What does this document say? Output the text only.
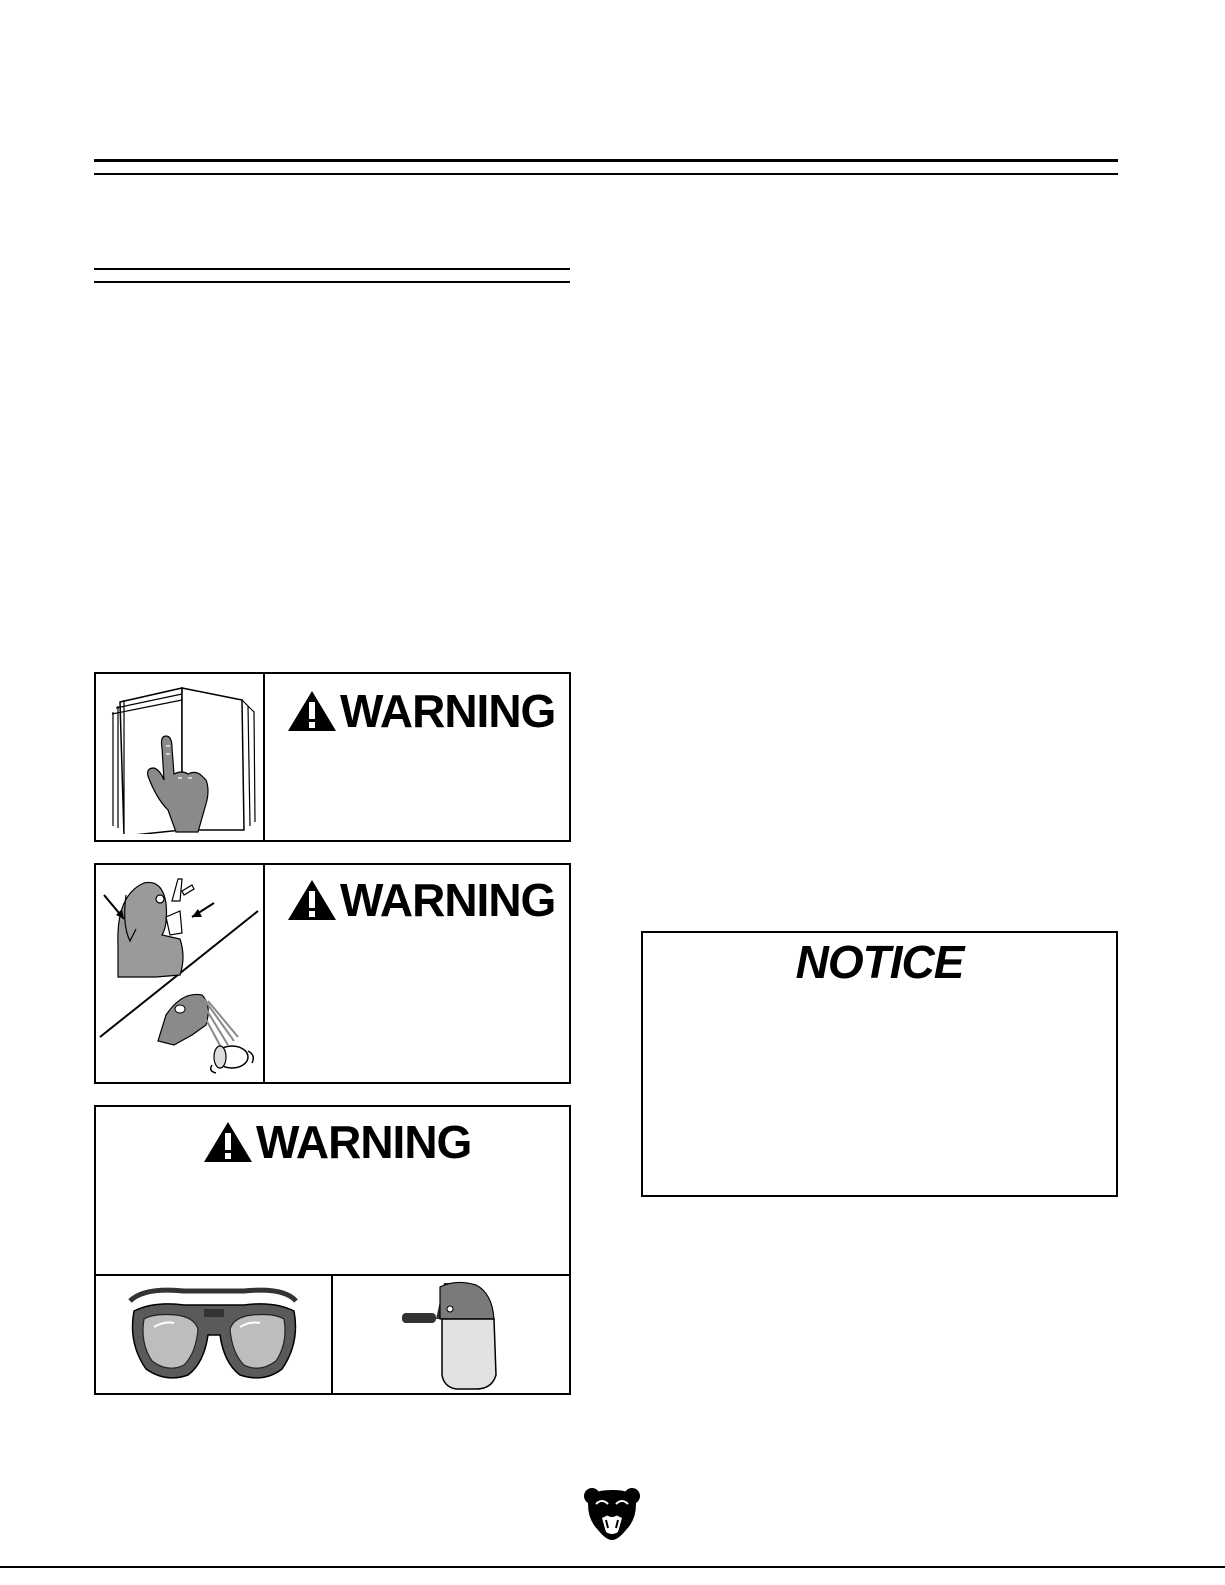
WARNING
WARNING
WARNING
NOTICE
